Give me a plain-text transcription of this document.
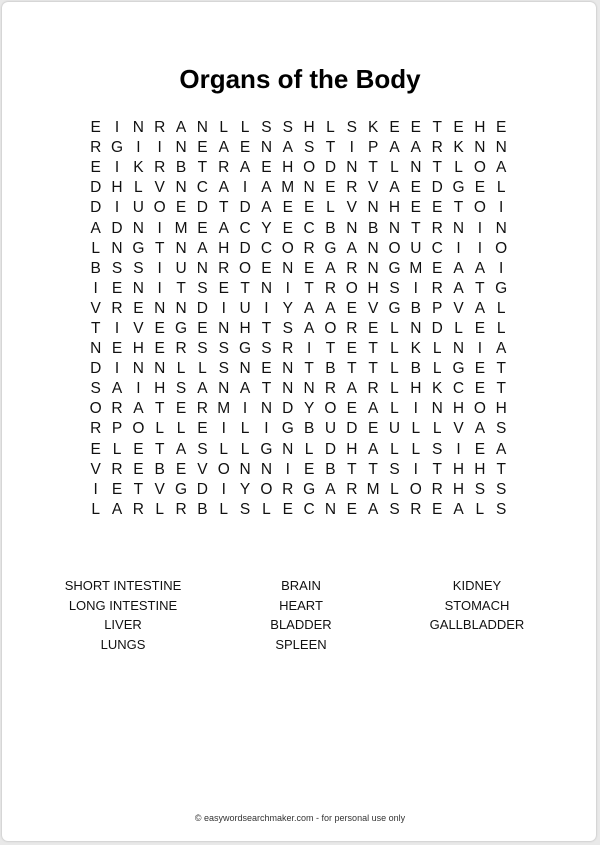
Organs of the Body
E I N R A N L L S S H L S K E E T E H E
R G I	I N E A E N A S T I P A A R K N N
E I K R B T R A E H O D N T L N T L O A
D H L V N C A I A M N E R V A E D G E L
D I U O E D T D A E E L V N H E E T O I
A D N I M E A C Y E C B N B N T R N I N
L N G T N A H D C O R G A N O U C I	I O
B S S I U N R O E N E A R N G M E A A I
I E N I T S E T N I T R O H S I R A T G
V R E N N D I U I Y A A E V G B P V A L
T I V E G E N H T S A O R E L N D L E L
N E H E R S S G S R I T E T L K L N I A
D I N N L L S N E N T B T T L B L G E T
S A I H S A N A T N N R A R L H K C E T
O R A T E R M I N D Y O E A L I N H O H
R P O L L E I L I G B U D E U L L V A S
E L E T A S L L G N L D H A L L S I E A
V R E B E V O N N I E B T T S I T H H T
I E T V G D I Y O R G A R M L O R H S S
L A R L R B L S L E C N E A S R E A L S
SHORT INTESTINE
LONG INTESTINE
LIVER
LUNGS
BRAIN
HEART
BLADDER
SPLEEN
KIDNEY
STOMACH
GALLBLADDER
© easywordsearchmaker.com - for personal use only
